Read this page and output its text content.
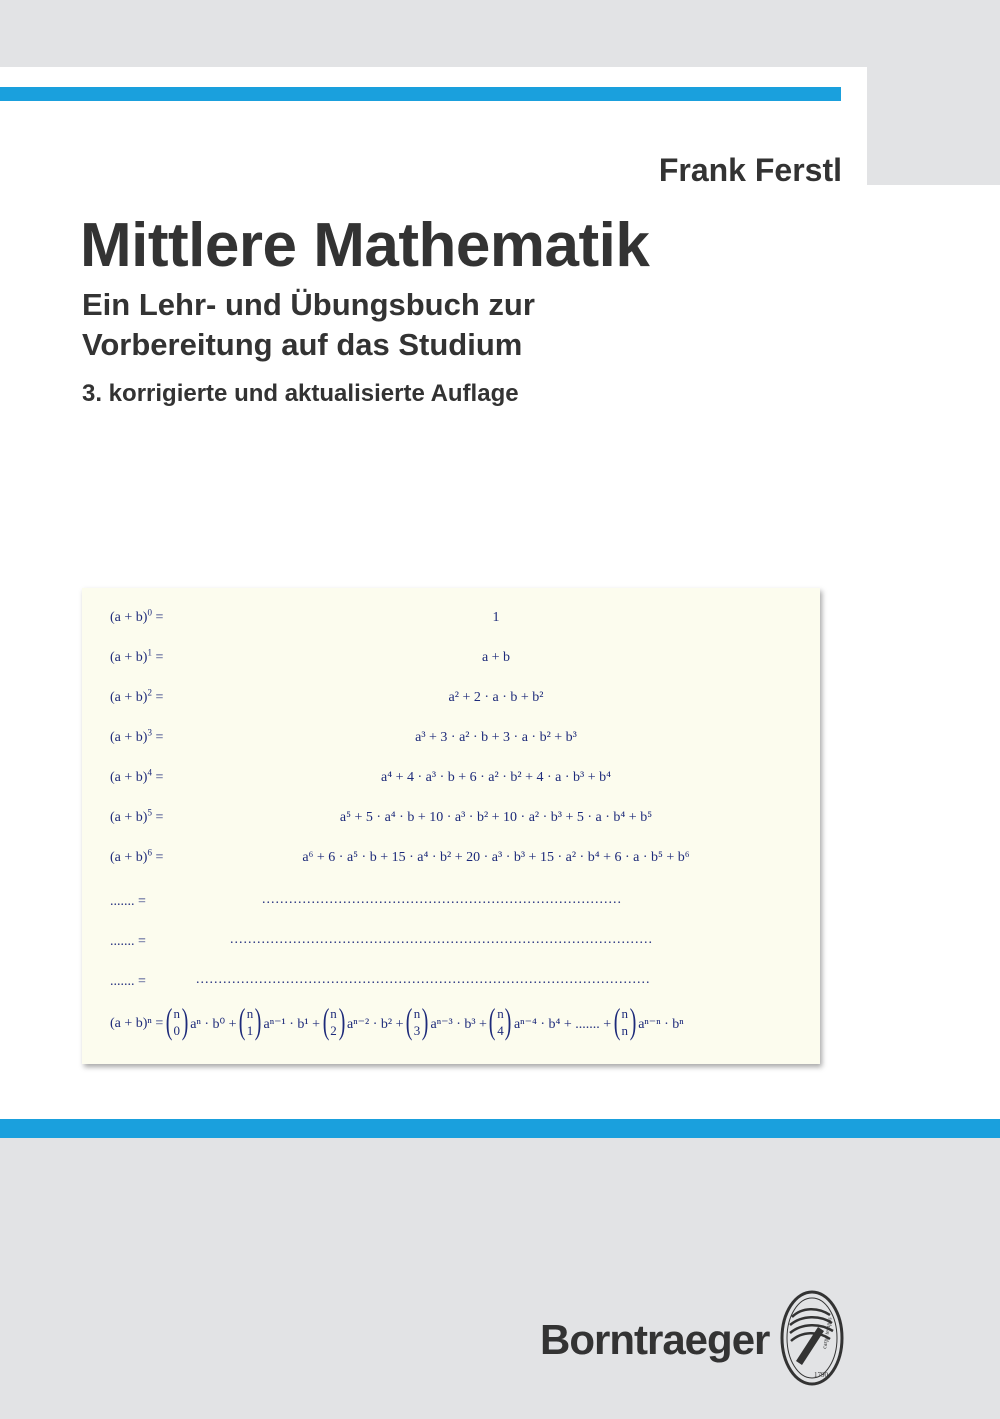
Frank Ferstl
Mittlere Mathematik
Ein Lehr- und Übungsbuch zur
Vorbereitung auf das Studium
3. korrigierte und aktualisierte Auflage
$(a + b)^0$ =	1
$(a + b)^1$ =	a + b
$(a + b)^2$ =	a² + 2 · a · b + b²
$(a + b)^3$ =	a³ + 3 · a² · b + 3 · a · b² + b³
$(a + b)^4$ =	a⁴ + 4 · a³ · b + 6 · a² · b² + 4 · a · b³ + b⁴
$(a + b)^5$ =	a⁵ + 5 · a⁴ · b + 10 · a³ · b² + 10 · a² · b³ + 5 · a · b⁴ + b⁵
$(a + b)^6$ =	a⁶ + 6 · a⁵ · b + 15 · a⁴ · b² + 20 · a³ · b³ + 15 · a² · b⁴ + 6 · a · b⁵ + b⁶
....... =	................................................................................
....... =	..............................................................................................
....... =	.....................................................................................................
(a + b)ⁿ = ( n
0 ) aⁿ · b⁰ + ( n
1 ) aⁿ⁻¹ · b¹ + ( n
2 ) aⁿ⁻² · b² + ( n
3 ) aⁿ⁻³ · b³ + ( n
4 ) aⁿ⁻⁴ · b⁴ + ....... + ( n
n ) aⁿ⁻ⁿ · bⁿ
Borntraeger	carpe tempus
1790
